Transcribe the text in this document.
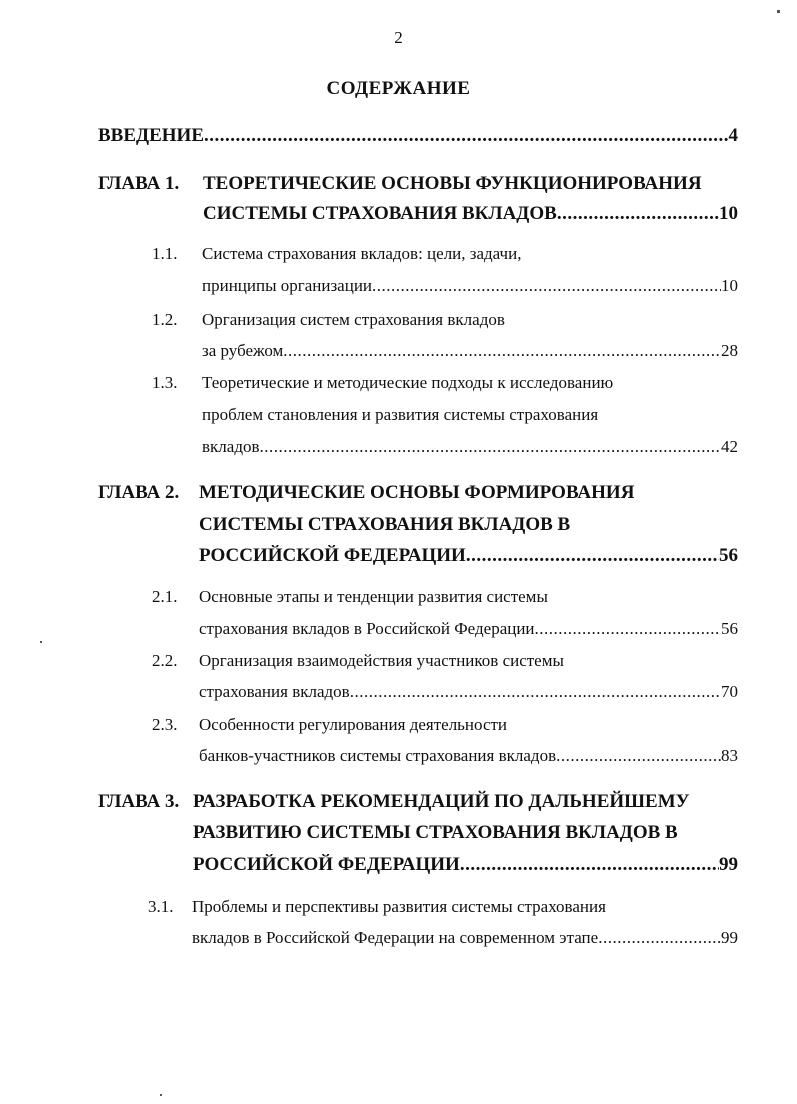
2
СОДЕРЖАНИЕ
ВВЕДЕНИЕ .....	4
ГЛАВА 1. ТЕОРЕТИЧЕСКИЕ ОСНОВЫ ФУНКЦИОНИРОВАНИЯ
СИСТЕМЫ СТРАХОВАНИЯ ВКЛАДОВ .....	10
1.1. Система страхования вкладов: цели, задачи,
принципы организации .....	10
1.2. Организация систем страхования вкладов
за рубежом .....	28
1.3. Теоретические и методические подходы к исследованию
проблем становления и развития системы страхования
вкладов .....	42
ГЛАВА 2. МЕТОДИЧЕСКИЕ ОСНОВЫ ФОРМИРОВАНИЯ
СИСТЕМЫ СТРАХОВАНИЯ ВКЛАДОВ В
РОССИЙСКОЙ ФЕДЕРАЦИИ .....	56
2.1. Основные этапы и тенденции развития системы
страхования вкладов в Российской Федерации .....	56
2.2. Организация взаимодействия участников системы
страхования вкладов .....	70
2.3. Особенности регулирования деятельности
банков-участников системы страхования вкладов .....	83
ГЛАВА 3. РАЗРАБОТКА РЕКОМЕНДАЦИЙ ПО ДАЛЬНЕЙШЕМУ
РАЗВИТИЮ СИСТЕМЫ СТРАХОВАНИЯ ВКЛАДОВ В
РОССИЙСКОЙ ФЕДЕРАЦИИ .....	99
3.1. Проблемы и перспективы развития системы страхования
вкладов в Российской Федерации на современном этапе .....	99
